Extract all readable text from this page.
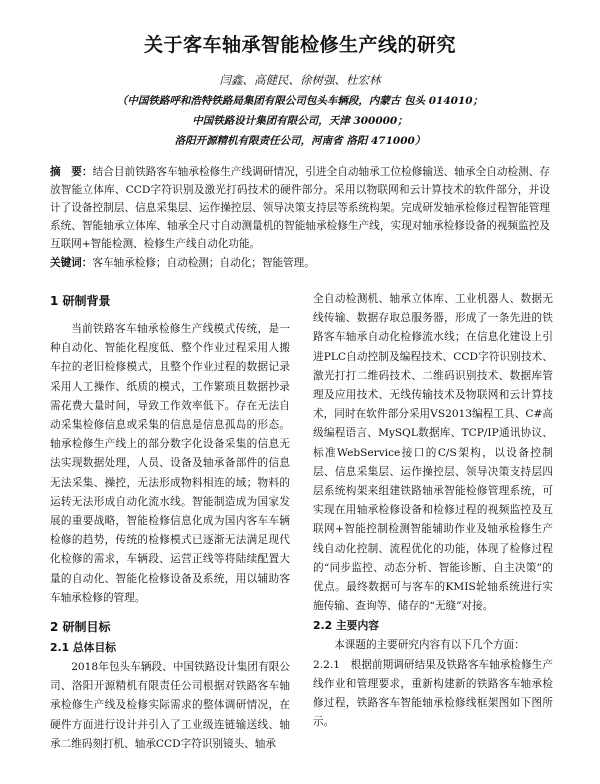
关于客车轴承智能检修生产线的研究
闫鑫、高健民、徐树强、杜宏林
（中国铁路呼和浩特铁路局集团有限公司包头车辆段，内蒙古 包头 014010；
中国铁路设计集团有限公司，天津 300000；
洛阳开源精机有限责任公司，河南省 洛阳 471000）
摘　要：结合目前铁路客车轴承检修生产线调研情况，引进全自动轴承工位检修输送、轴承全自动检测、存放智能立体库、CCD字符识别及激光打码技术的硬件部分。采用以物联网和云计算技术的软件部分，并设计了设备控制层、信息采集层、运作操控层、领导决策支持层等系统构架。完成研发轴承检修过程智能管理系统、智能轴承立体库、轴承全尺寸自动测量机的智能轴承检修生产线，实现对轴承检修设备的视频监控及互联网+智能检测、检修生产线自动化功能。
关键词：客车轴承检修；自动检测；自动化；智能管理。
1 研制背景

当前铁路客车轴承检修生产线模式传统，是一种自动化、智能化程度低、整个作业过程采用人搬车拉的老旧检修模式，且整个作业过程的数据记录采用人工操作、纸质的模式，工作繁琐且数据抄录需花费大量时间，导致工作效率低下。存在无法自动采集检修信息或采集的信息是信息孤岛的形态。轴承检修生产线上的部分数字化设备采集的信息无法实现数据处理，人员、设备及轴承备部件的信息无法采集、操控，无法形成物料相连的域；物料的运转无法形成自动化流水线。智能制造成为国家发展的重要战略，智能检修信息化成为国内客车车辆检修的趋势，传统的检修模式已逐渐无法满足现代化检修的需求，车辆段、运营正线等将陆续配置大量的自动化、智能化检修设备及系统，用以辅助客车轴承检修的管理。

2 研制目标
2.1 总体目标

2018年包头车辆段、中国铁路设计集团有限公司、洛阳开源精机有限责任公司根据对铁路客车轴承检修生产线及检修实际需求的整体调研情况，在硬件方面进行设计并引入了工业级连链输送线、轴承二维码刻打机、轴承CCD字符识别镜头、轴承

全自动检测机、轴承立体库、工业机器人、数据无线传输、数据存取总服务器，形成了一条先进的铁路客车轴承自动化检修流水线；在信息化建设上引进PLC自动控制及编程技术、CCD字符识别技术、激光打打二维码技术、二维码识别技术、数据库管理及应用技术、无线传输技术及物联网和云计算技术，同时在软件部分采用VS2013编程工具、C#高级编程语言、MySQL数据库、TCP/IP通讯协议、标准WebService接口的C/S架构，以设备控制层、信息采集层、运作操控层、领导决策支持层四层系统构架来组建铁路轴承智能检修管理系统，可实现在用轴承检修设备和检修过程的视频监控及互联网+智能控制检测智能辅助作业及轴承检修生产线自动化控制、流程优化的功能，体现了检修过程的“同步监控、动态分析、智能诊断、自主决策”的优点。最终数据可与客车的KMIS轮轴系统进行实施传输、查询等、储存的“无缝”对接。

2.2 主要内容

本课题的主要研究内容有以下几个方面：

2.2.1　根据前期调研结果及铁路客车轴承检修生产线作业和管理要求，重新构建新的铁路客车轴承检修过程，铁路客车智能轴承检修线框架图如下图所示。
